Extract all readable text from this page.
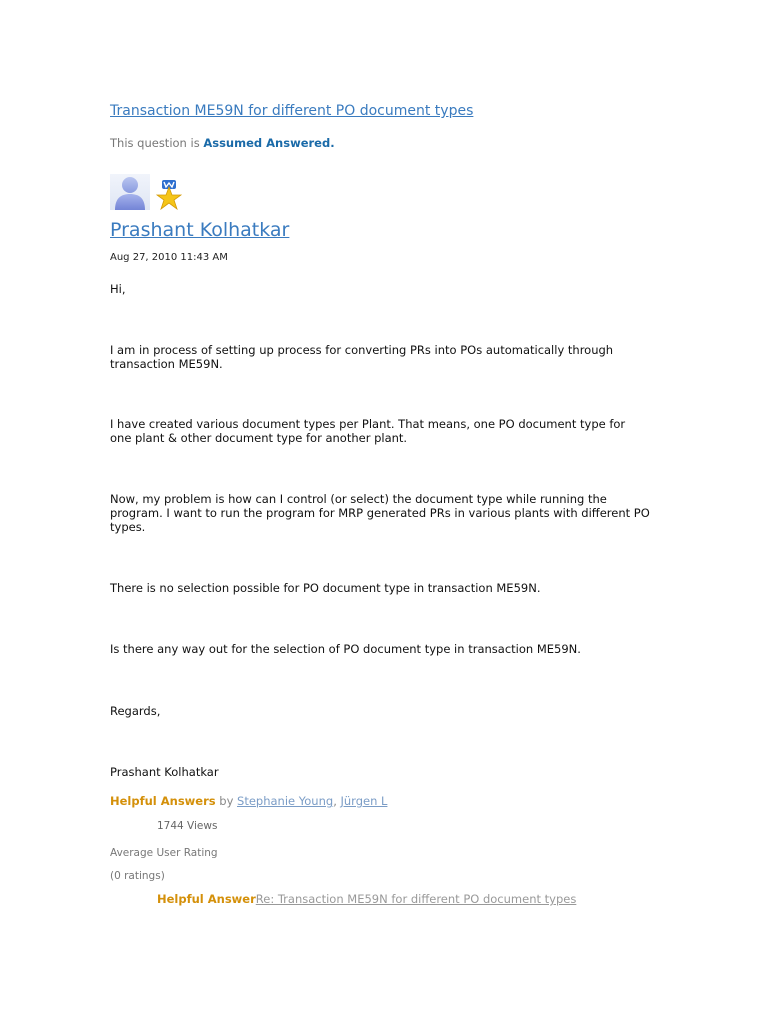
Transaction ME59N for different PO document types
This question is Assumed Answered.
Prashant Kolhatkar
Aug 27, 2010 11:43 AM
Hi,
I am in process of setting up process for converting PRs into POs automatically through transaction ME59N.
I have created various document types per Plant. That means, one PO document type for one plant & other document type for another plant.
Now, my problem is how can I control (or select) the document type while running the program. I want to run the program for MRP generated PRs in various plants with different PO types.
There is no selection possible for PO document type in transaction ME59N.
Is there any way out for the selection of PO document type in transaction ME59N.
Regards,
Prashant Kolhatkar
Helpful Answers by Stephanie Young, Jürgen L
1744 Views
Average User Rating
(0 ratings)
Helpful AnswerRe: Transaction ME59N for different PO document types
